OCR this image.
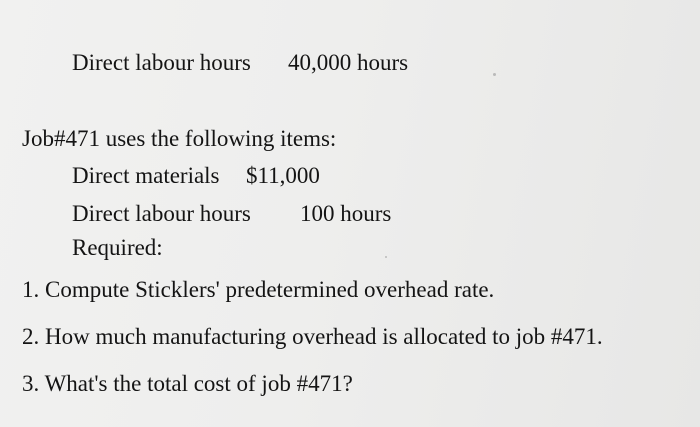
Direct labour hours 40,000 hours
Job#471 uses the following items:
Direct materials $11,000
Direct labour hours 100 hours
Required:
1. Compute Sticklers' predetermined overhead rate.
2. How much manufacturing overhead is allocated to job #471.
3. What's the total cost of job #471?
